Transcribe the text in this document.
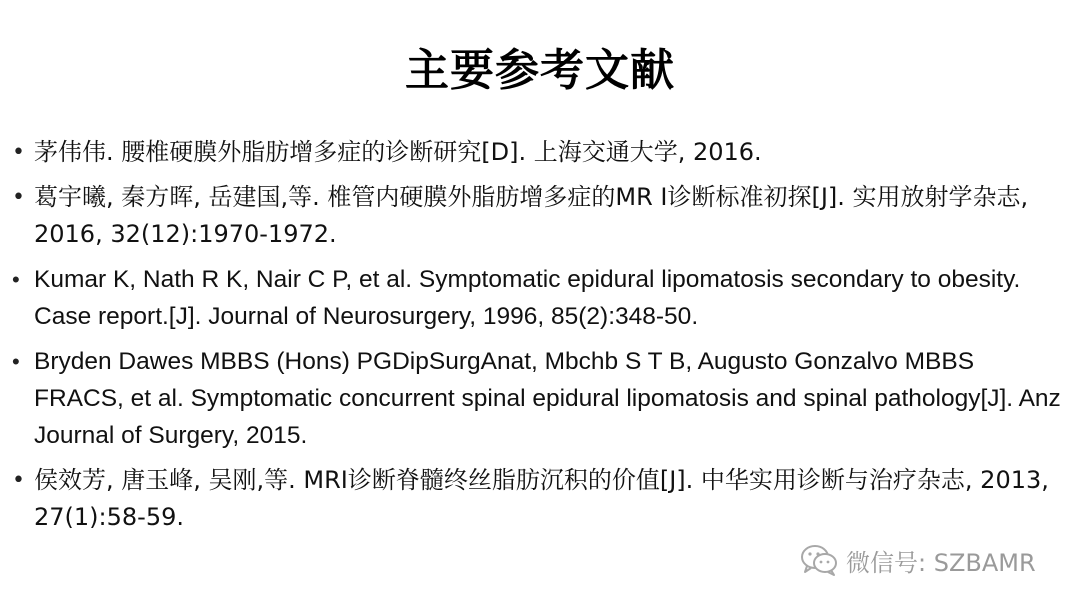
主要参考文献
• 茅伟伟. 腰椎硬膜外脂肪增多症的诊断研究[D]. 上海交通大学, 2016.
• 葛宇曦, 秦方晖, 岳建国,等. 椎管内硬膜外脂肪增多症的MR I诊断标准初探[J]. 实用放射学杂志, 2016, 32(12):1970-1972.
• Kumar K, Nath R K, Nair C P, et al. Symptomatic epidural lipomatosis secondary to obesity. Case report.[J]. Journal of Neurosurgery, 1996, 85(2):348-50.
• Bryden Dawes MBBS (Hons) PGDipSurgAnat, Mbchb S T B, Augusto Gonzalvo MBBS FRACS, et al. Symptomatic concurrent spinal epidural lipomatosis and spinal pathology[J]. Anz Journal of Surgery, 2015.
• 侯效芳, 唐玉峰, 吴刚,等. MRI诊断脊髓终丝脂肪沉积的价值[J]. 中华实用诊断与治疗杂志, 2013, 27(1):58-59.
微信号: SZBAMR
